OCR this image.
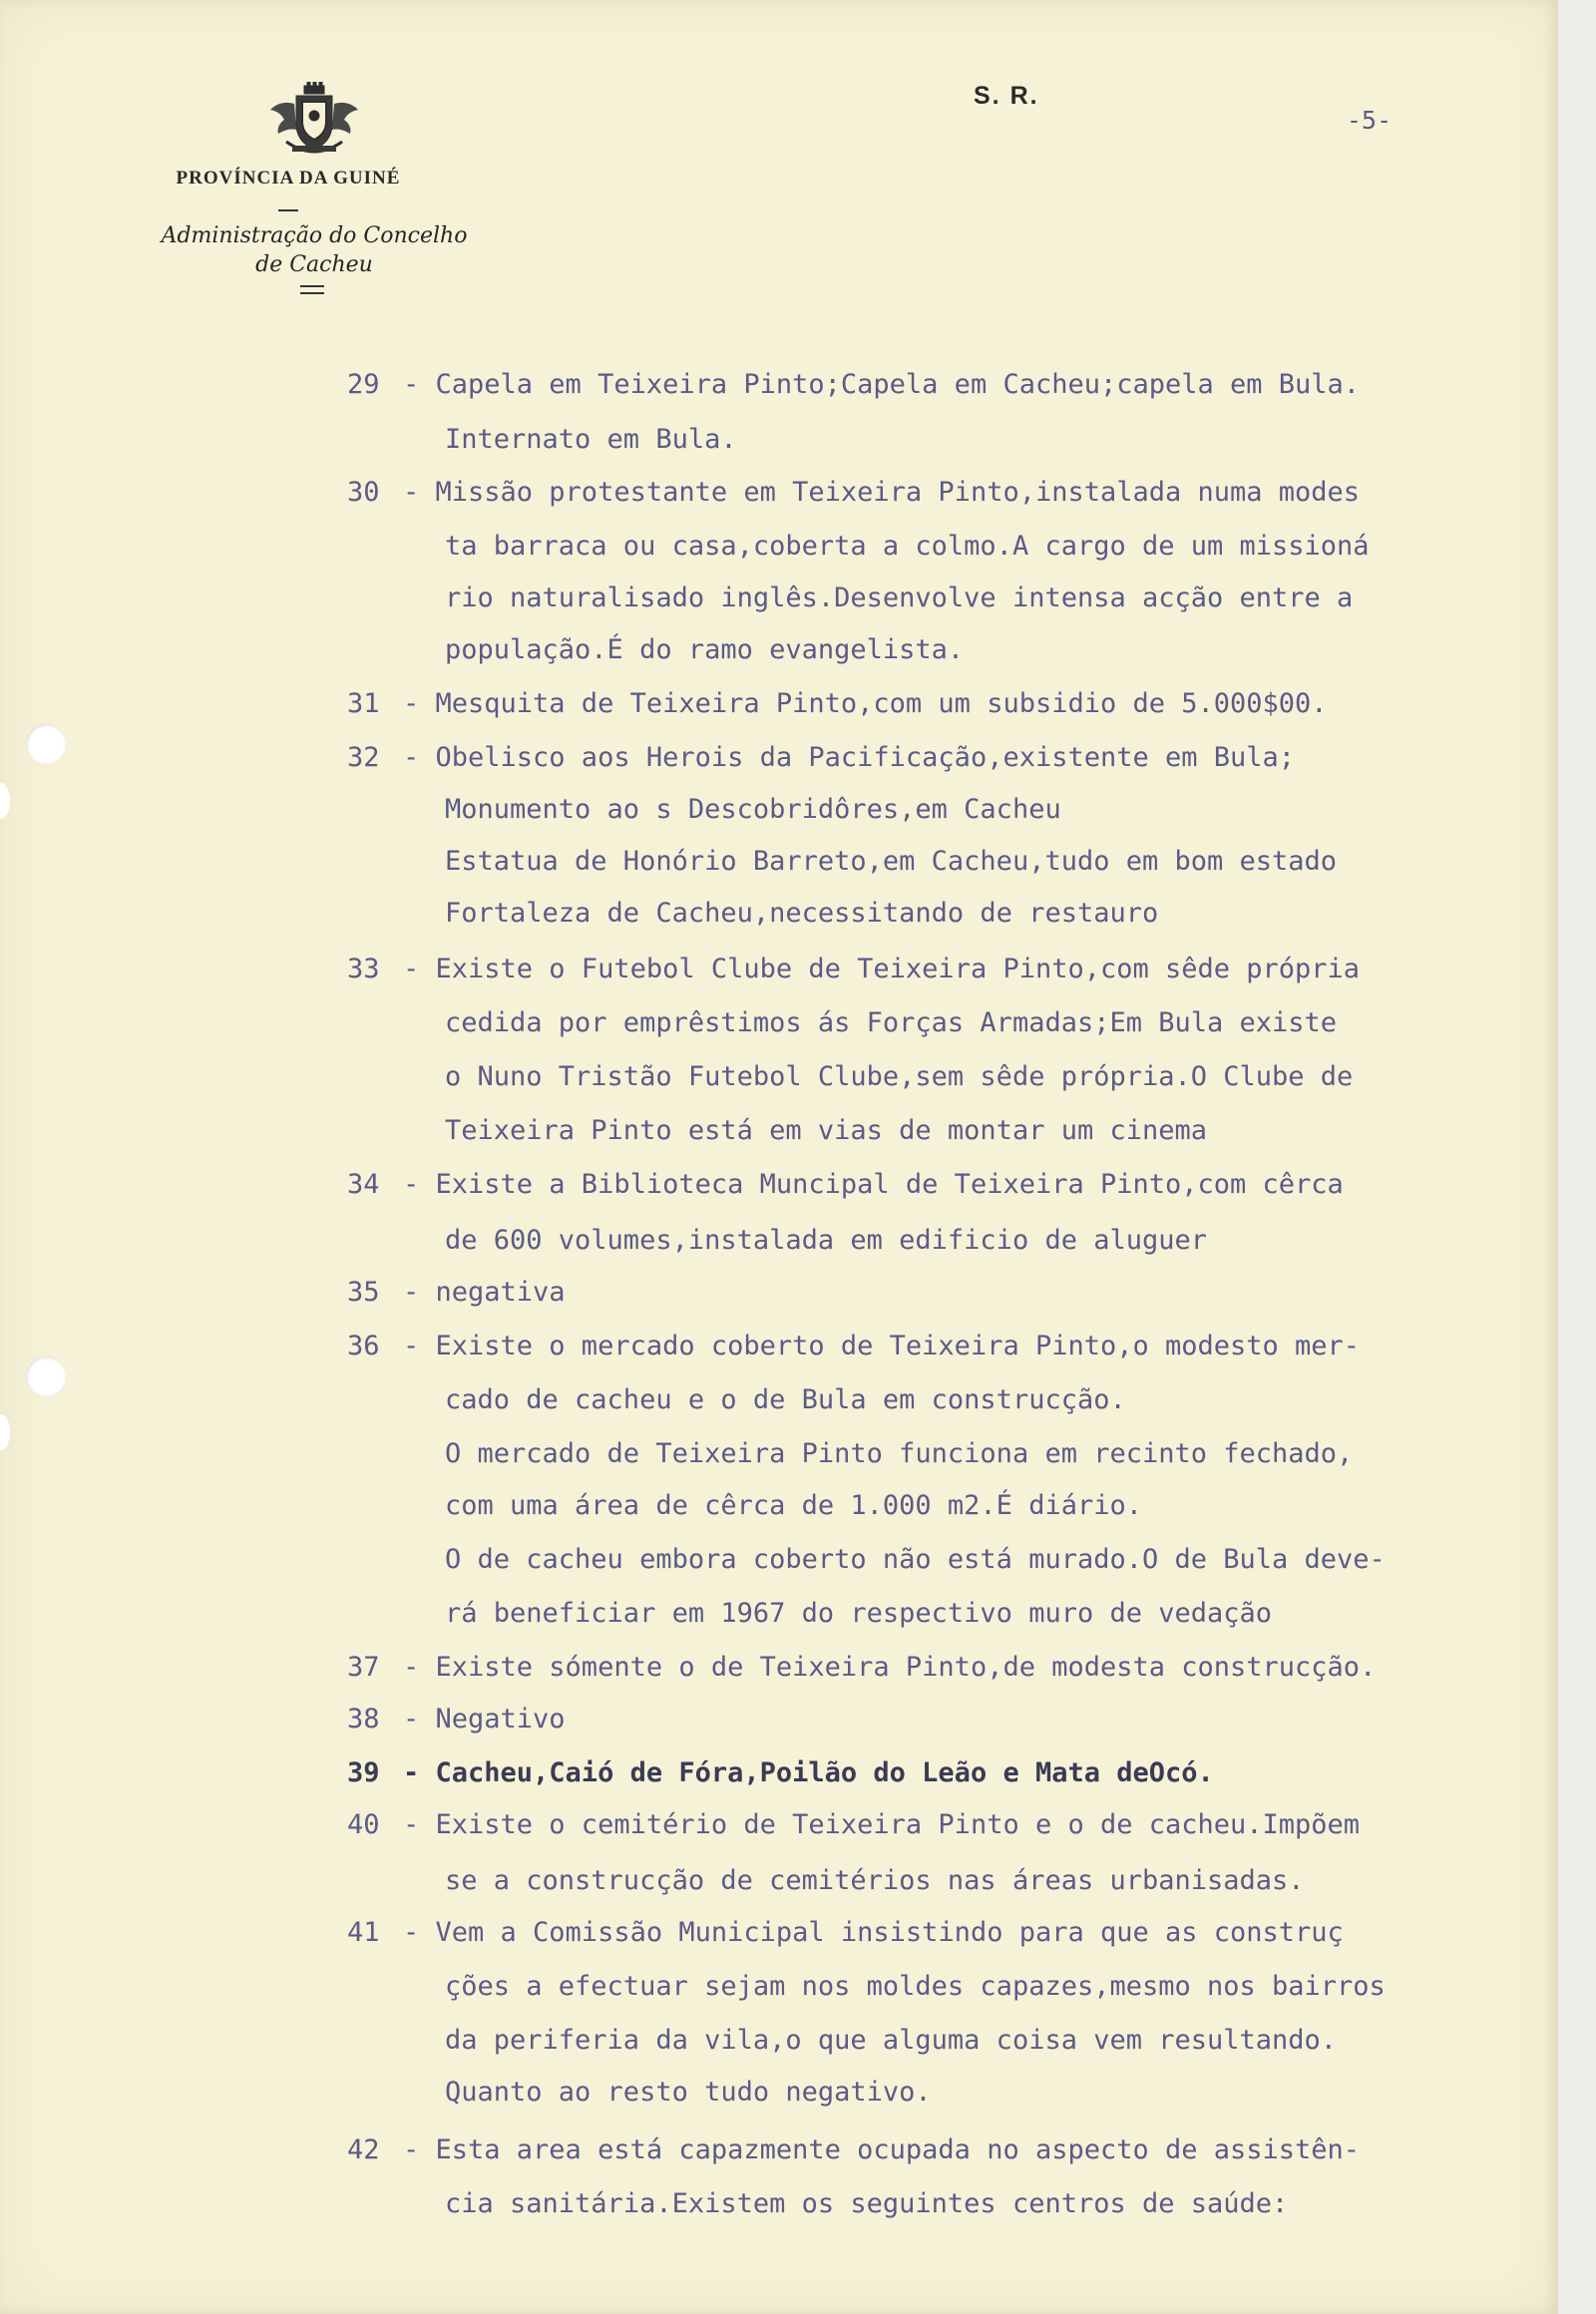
PROVÍNCIA DA GUINÉ
Administração do Concelho
de Cacheu
S. R.
-5-
29 - Capela em Teixeira Pinto;Capela em Cacheu;capela em Bula.
Internato em Bula.
30 - Missão protestante em Teixeira Pinto,instalada numa modes
ta barraca ou casa,coberta a colmo.A cargo de um missioná
rio naturalisado inglês.Desenvolve intensa acção entre a
população.É do ramo evangelista.
31 - Mesquita de Teixeira Pinto,com um subsidio de 5.000$00.
32 - Obelisco aos Herois da Pacificação,existente em Bula;
Monumento ao s Descobridôres,em Cacheu
Estatua de Honório Barreto,em Cacheu,tudo em bom estado
Fortaleza de Cacheu,necessitando de restauro
33 - Existe o Futebol Clube de Teixeira Pinto,com sêde própria
cedida por emprêstimos ás Forças Armadas;Em Bula existe
o Nuno Tristão Futebol Clube,sem sêde própria.O Clube de
Teixeira Pinto está em vias de montar um cinema
34 - Existe a Biblioteca Muncipal de Teixeira Pinto,com cêrca
de 600 volumes,instalada em edificio de aluguer
35 - negativa
36 - Existe o mercado coberto de Teixeira Pinto,o modesto mer-
cado de cacheu e o de Bula em construcção.
O mercado de Teixeira Pinto funciona em recinto fechado,
com uma área de cêrca de 1.000 m2.É diário.
O de cacheu embora coberto não está murado.O de Bula deve-
rá beneficiar em 1967 do respectivo muro de vedação
37 - Existe sómente o de Teixeira Pinto,de modesta construcção.
38 - Negativo
39 - Cacheu,Caió de Fóra,Poilão do Leão e Mata deOcó.
40 - Existe o cemitério de Teixeira Pinto e o de cacheu.Impõem
se a construcção de cemitérios nas áreas urbanisadas.
41 - Vem a Comissão Municipal insistindo para que as construç
ções a efectuar sejam nos moldes capazes,mesmo nos bairros
da periferia da vila,o que alguma coisa vem resultando.
Quanto ao resto tudo negativo.
42 - Esta area está capazmente ocupada no aspecto de assistên-
cia sanitária.Existem os seguintes centros de saúde:
